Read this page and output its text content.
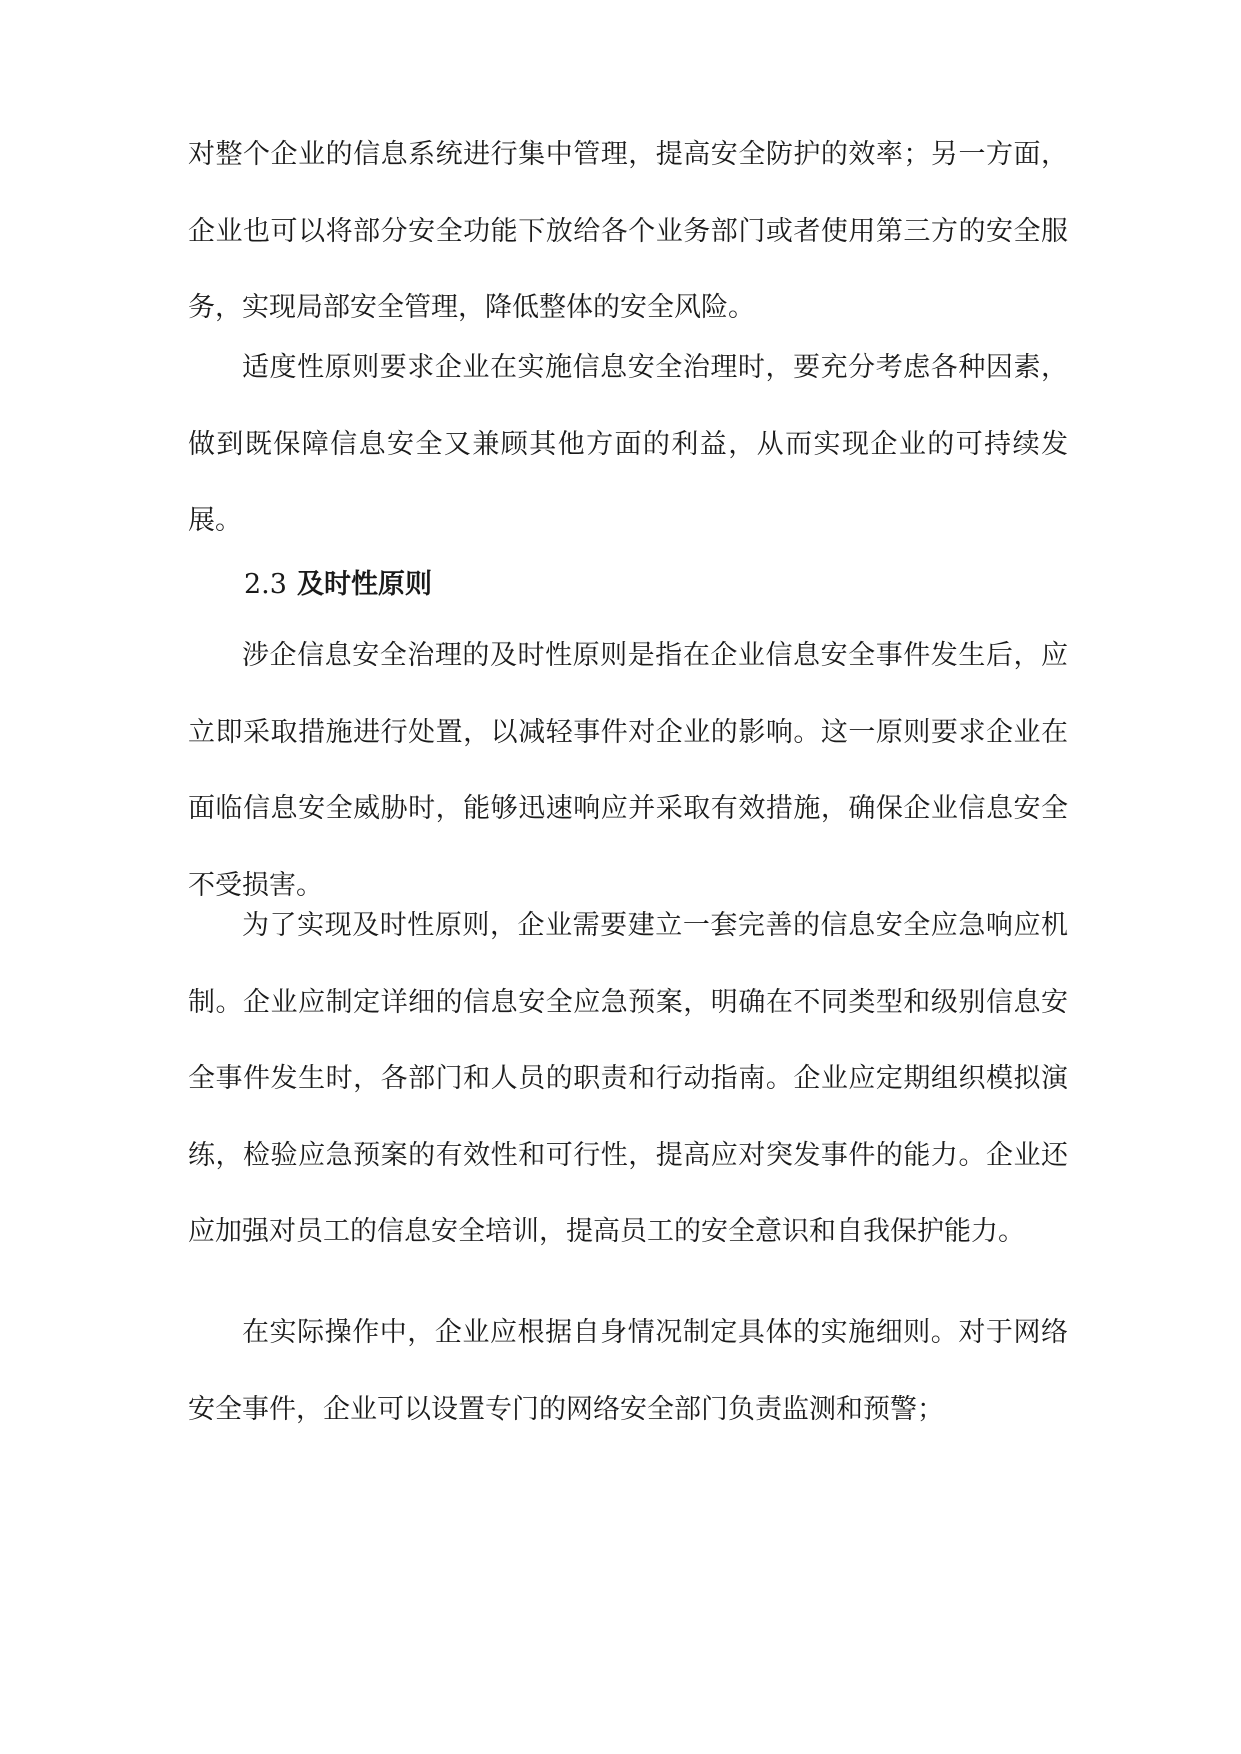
对整个企业的信息系统进行集中管理，提高安全防护的效率；另一方面，企业也可以将部分安全功能下放给各个业务部门或者使用第三方的安全服务，实现局部安全管理，降低整体的安全风险。

适度性原则要求企业在实施信息安全治理时，要充分考虑各种因素，做到既保障信息安全又兼顾其他方面的利益，从而实现企业的可持续发展。

2.3 及时性原则

涉企信息安全治理的及时性原则是指在企业信息安全事件发生后，应立即采取措施进行处置，以减轻事件对企业的影响。这一原则要求企业在面临信息安全威胁时，能够迅速响应并采取有效措施，确保企业信息安全不受损害。

为了实现及时性原则，企业需要建立一套完善的信息安全应急响应机制。企业应制定详细的信息安全应急预案，明确在不同类型和级别信息安全事件发生时，各部门和人员的职责和行动指南。企业应定期组织模拟演练，检验应急预案的有效性和可行性，提高应对突发事件的能力。企业还应加强对员工的信息安全培训，提高员工的安全意识和自我保护能力。

在实际操作中，企业应根据自身情况制定具体的实施细则。对于网络安全事件，企业可以设置专门的网络安全部门负责监测和预警；
